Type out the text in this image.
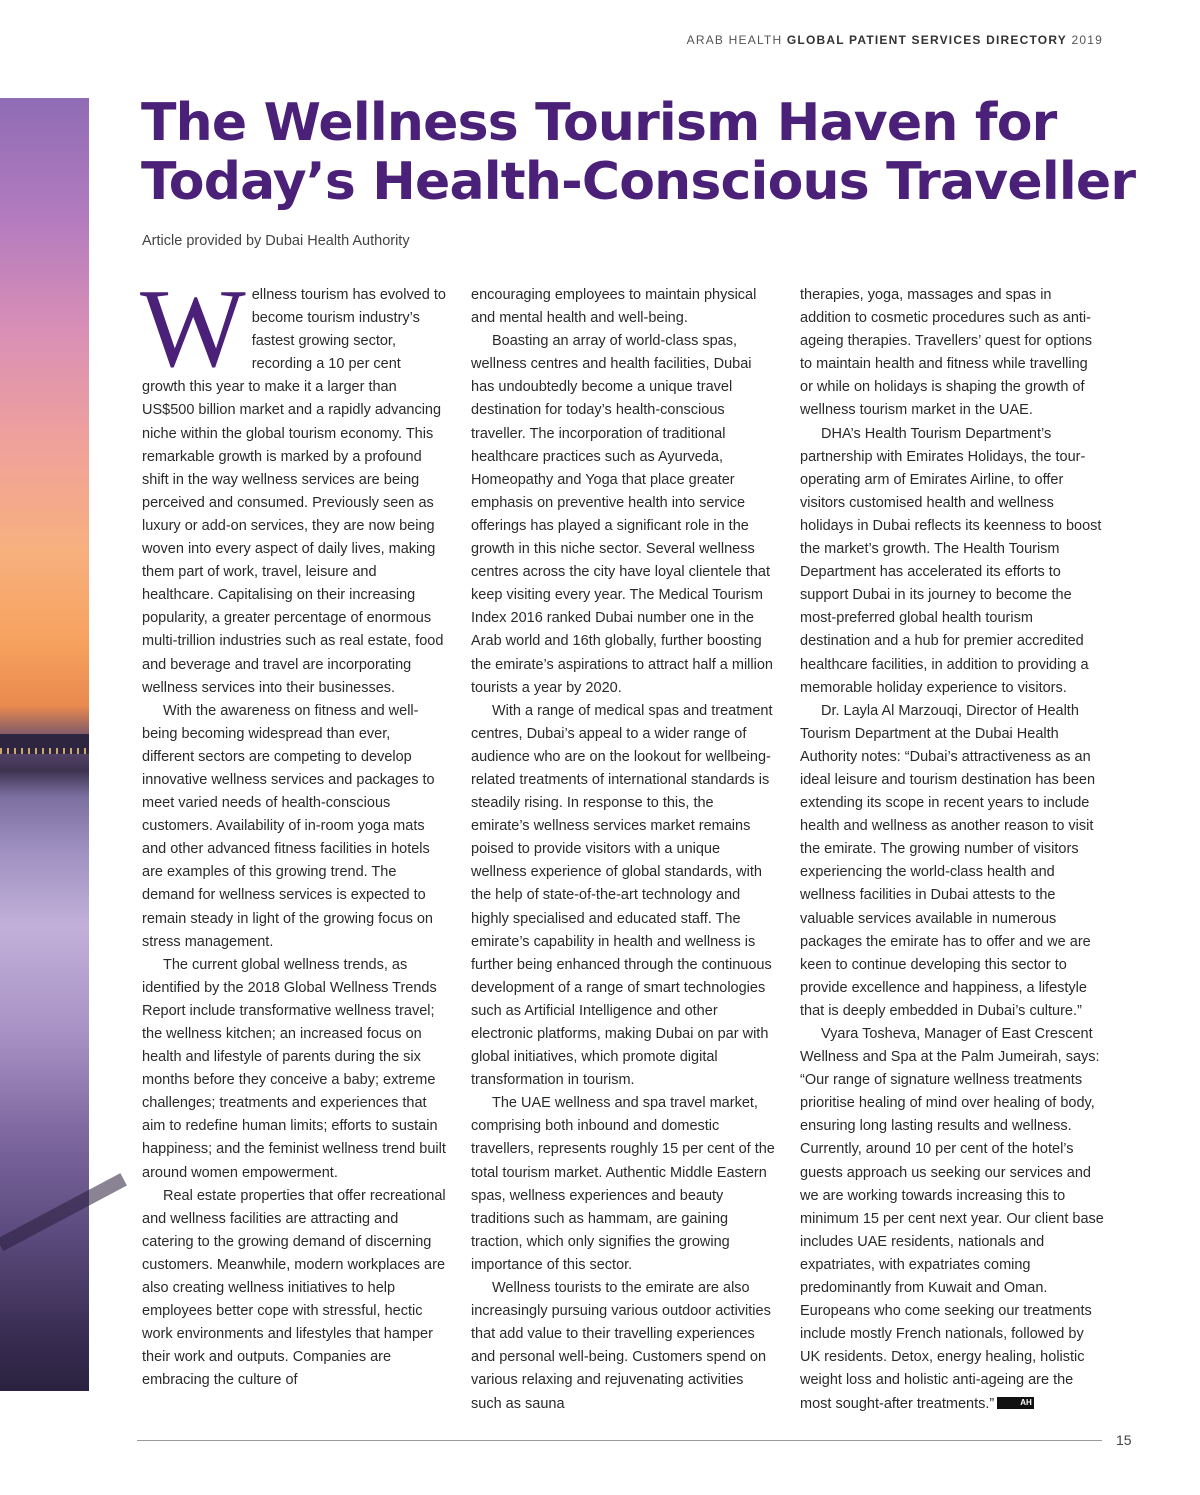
ARAB HEALTH GLOBAL PATIENT SERVICES DIRECTORY 2019
The Wellness Tourism Haven for Today’s Health-Conscious Traveller
Article provided by Dubai Health Authority

Wellness tourism has evolved to become tourism industry’s fastest growing sector, recording a 10 per cent growth this year to make it a larger than US$500 billion market and a rapidly advancing niche within the global tourism economy. This remarkable growth is marked by a profound shift in the way wellness services are being perceived and consumed. Previously seen as luxury or add-on services, they are now being woven into every aspect of daily lives, making them part of work, travel, leisure and healthcare. Capitalising on their increasing popularity, a greater percentage of enormous multi-trillion industries such as real estate, food and beverage and travel are incorporating wellness services into their businesses.

With the awareness on fitness and well-being becoming widespread than ever, different sectors are competing to develop innovative wellness services and packages to meet varied needs of health-conscious customers. Availability of in-room yoga mats and other advanced fitness facilities in hotels are examples of this growing trend. The demand for wellness services is expected to remain steady in light of the growing focus on stress management.

The current global wellness trends, as identified by the 2018 Global Wellness Trends Report include transformative wellness travel; the wellness kitchen; an increased focus on health and lifestyle of parents during the six months before they conceive a baby; extreme challenges; treatments and experiences that aim to redefine human limits; efforts to sustain happiness; and the feminist wellness trend built around women empowerment.

Real estate properties that offer recreational and wellness facilities are attracting and catering to the growing demand of discerning customers. Meanwhile, modern workplaces are also creating wellness initiatives to help employees better cope with stressful, hectic work environments and lifestyles that hamper their work and outputs. Companies are embracing the culture of

encouraging employees to maintain physical and mental health and well-being.

Boasting an array of world-class spas, wellness centres and health facilities, Dubai has undoubtedly become a unique travel destination for today’s health-conscious traveller. The incorporation of traditional healthcare practices such as Ayurveda, Homeopathy and Yoga that place greater emphasis on preventive health into service offerings has played a significant role in the growth in this niche sector. Several wellness centres across the city have loyal clientele that keep visiting every year. The Medical Tourism Index 2016 ranked Dubai number one in the Arab world and 16th globally, further boosting the emirate’s aspirations to attract half a million tourists a year by 2020.

With a range of medical spas and treatment centres, Dubai’s appeal to a wider range of audience who are on the lookout for wellbeing-related treatments of international standards is steadily rising. In response to this, the emirate’s wellness services market remains poised to provide visitors with a unique wellness experience of global standards, with the help of state-of-the-art technology and highly specialised and educated staff. The emirate’s capability in health and wellness is further being enhanced through the continuous development of a range of smart technologies such as Artificial Intelligence and other electronic platforms, making Dubai on par with global initiatives, which promote digital transformation in tourism.

The UAE wellness and spa travel market, comprising both inbound and domestic travellers, represents roughly 15 per cent of the total tourism market. Authentic Middle Eastern spas, wellness experiences and beauty traditions such as hammam, are gaining traction, which only signifies the growing importance of this sector.

Wellness tourists to the emirate are also increasingly pursuing various outdoor activities that add value to their travelling experiences and personal well-being. Customers spend on various relaxing and rejuvenating activities such as sauna

therapies, yoga, massages and spas in addition to cosmetic procedures such as anti-ageing therapies. Travellers’ quest for options to maintain health and fitness while travelling or while on holidays is shaping the growth of wellness tourism market in the UAE.

DHA’s Health Tourism Department’s partnership with Emirates Holidays, the tour-operating arm of Emirates Airline, to offer visitors customised health and wellness holidays in Dubai reflects its keenness to boost the market’s growth. The Health Tourism Department has accelerated its efforts to support Dubai in its journey to become the most-preferred global health tourism destination and a hub for premier accredited healthcare facilities, in addition to providing a memorable holiday experience to visitors.

Dr. Layla Al Marzouqi, Director of Health Tourism Department at the Dubai Health Authority notes: “Dubai’s attractiveness as an ideal leisure and tourism destination has been extending its scope in recent years to include health and wellness as another reason to visit the emirate. The growing number of visitors experiencing the world-class health and wellness facilities in Dubai attests to the valuable services available in numerous packages the emirate has to offer and we are keen to continue developing this sector to provide excellence and happiness, a lifestyle that is deeply embedded in Dubai’s culture.”

Vyara Tosheva, Manager of East Crescent Wellness and Spa at the Palm Jumeirah, says: “Our range of signature wellness treatments prioritise healing of mind over healing of body, ensuring long lasting results and wellness. Currently, around 10 per cent of the hotel’s guests approach us seeking our services and we are working towards increasing this to minimum 15 per cent next year. Our client base includes UAE residents, nationals and expatriates, with expatriates coming predominantly from Kuwait and Oman. Europeans who come seeking our treatments include mostly French nationals, followed by UK residents. Detox, energy healing, holistic weight loss and holistic anti-ageing are the most sought-after treatments.”	AH

15
